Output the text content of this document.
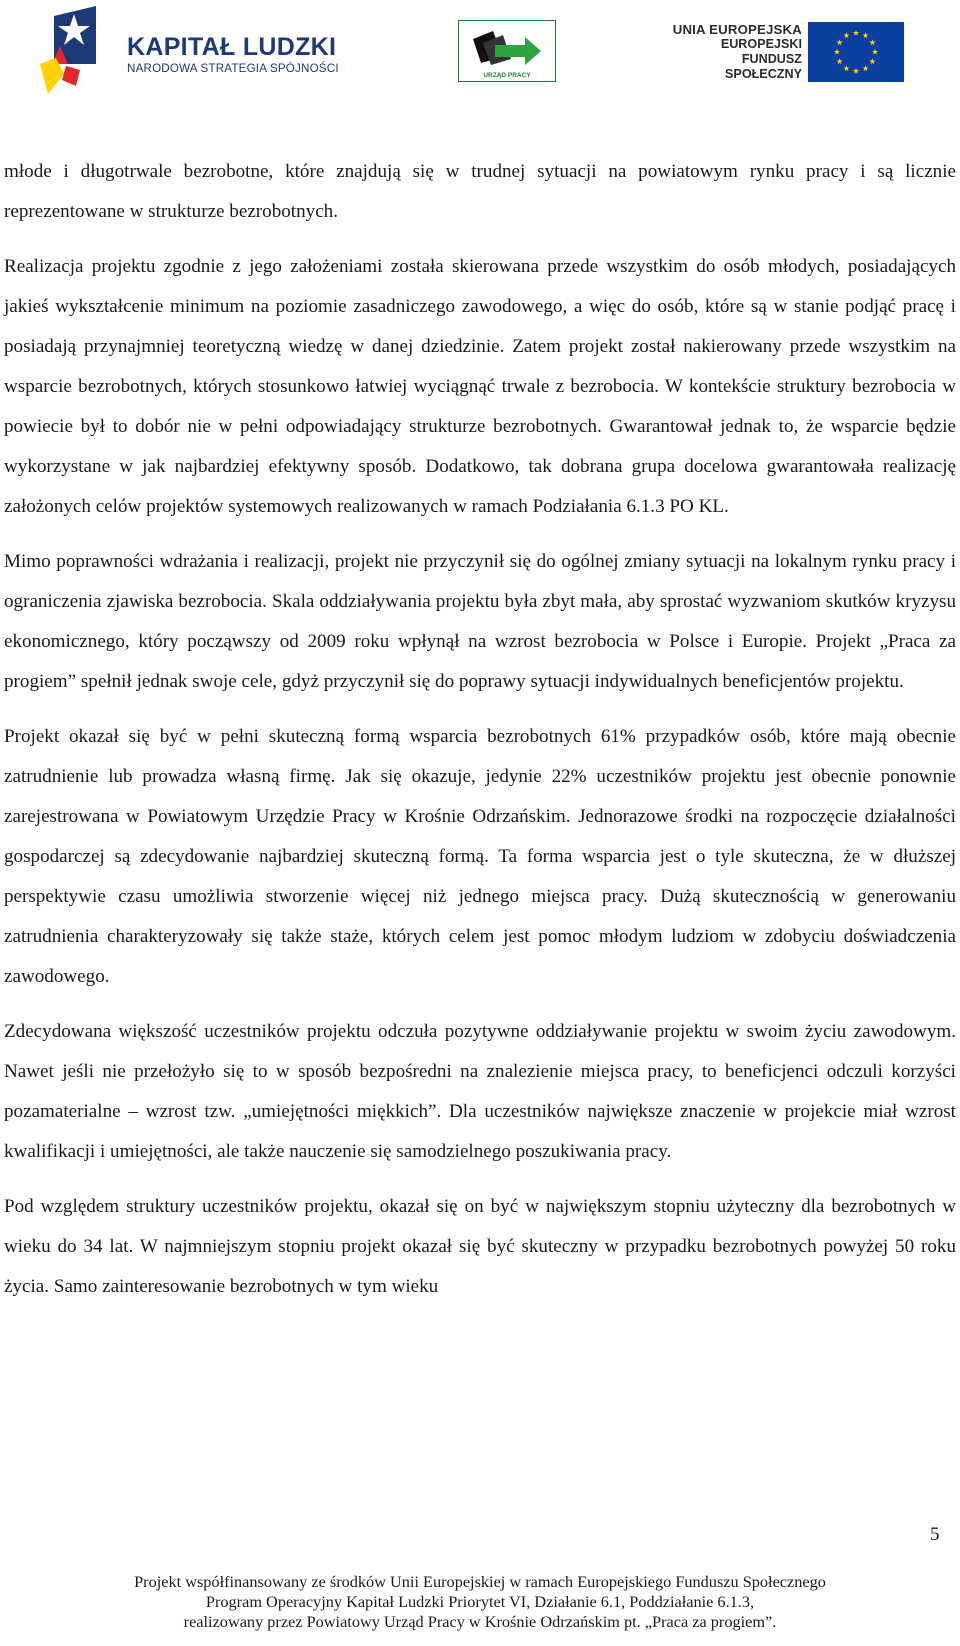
KAPITAŁ LUDZKI
NARODOWA STRATEGIA SPÓJNOŚCI
URZĄD PRACY
UNIA EUROPEJSKA
EUROPEJSKI
FUNDUSZ SPOŁECZNY

młode i długotrwale bezrobotne, które znajdują się w trudnej sytuacji na powiatowym rynku pracy i są licznie reprezentowane w strukturze bezrobotnych.

Realizacja projektu zgodnie z jego założeniami została skierowana przede wszystkim do osób młodych, posiadających jakieś wykształcenie minimum na poziomie zasadniczego zawodowego, a więc do osób, które są w stanie podjąć pracę i posiadają przynajmniej teoretyczną wiedzę w danej dziedzinie. Zatem projekt został nakierowany przede wszystkim na wsparcie bezrobotnych, których stosunkowo łatwiej wyciągnąć trwale z bezrobocia. W kontekście struktury bezrobocia w powiecie był to dobór nie w pełni odpowiadający strukturze bezrobotnych. Gwarantował jednak to, że wsparcie będzie wykorzystane w jak najbardziej efektywny sposób. Dodatkowo, tak dobrana grupa docelowa gwarantowała realizację założonych celów projektów systemowych realizowanych w ramach Podziałania 6.1.3 PO KL.

Mimo poprawności wdrażania i realizacji, projekt nie przyczynił się do ogólnej zmiany sytuacji na lokalnym rynku pracy i ograniczenia zjawiska bezrobocia. Skala oddziaływania projektu była zbyt mała, aby sprostać wyzwaniom skutków kryzysu ekonomicznego, który począwszy od 2009 roku wpłynął na wzrost bezrobocia w Polsce i Europie. Projekt „Praca za progiem” spełnił jednak swoje cele, gdyż przyczynił się do poprawy sytuacji indywidualnych beneficjentów projektu.

Projekt okazał się być w pełni skuteczną formą wsparcia bezrobotnych 61% przypadków osób, które mają obecnie zatrudnienie lub prowadza własną firmę. Jak się okazuje, jedynie 22% uczestników projektu jest obecnie ponownie zarejestrowana w Powiatowym Urzędzie Pracy w Krośnie Odrzańskim. Jednorazowe środki na rozpoczęcie działalności gospodarczej są zdecydowanie najbardziej skuteczną formą. Ta forma wsparcia jest o tyle skuteczna, że w dłuższej perspektywie czasu umożliwia stworzenie więcej niż jednego miejsca pracy. Dużą skutecznością w generowaniu zatrudnienia charakteryzowały się także staże, których celem jest pomoc młodym ludziom w zdobyciu doświadczenia zawodowego.

Zdecydowana większość uczestników projektu odczuła pozytywne oddziaływanie projektu w swoim życiu zawodowym. Nawet jeśli nie przełożyło się to w sposób bezpośredni na znalezienie miejsca pracy, to beneficjenci odczuli korzyści pozamaterialne – wzrost tzw. „umiejętności miękkich”. Dla uczestników największe znaczenie w projekcie miał wzrost kwalifikacji i umiejętności, ale także nauczenie się samodzielnego poszukiwania pracy.

Pod względem struktury uczestników projektu, okazał się on być w największym stopniu użyteczny dla bezrobotnych w wieku do 34 lat. W najmniejszym stopniu projekt okazał się być skuteczny w przypadku bezrobotnych powyżej 50 roku życia. Samo zainteresowanie bezrobotnych w tym wieku

5
Projekt współfinansowany ze środków Unii Europejskiej w ramach Europejskiego Funduszu Społecznego
Program Operacyjny Kapitał Ludzki Priorytet VI, Działanie 6.1, Poddziałanie 6.1.3,
realizowany przez Powiatowy Urząd Pracy w Krośnie Odrzańskim pt. „Praca za progiem”.
